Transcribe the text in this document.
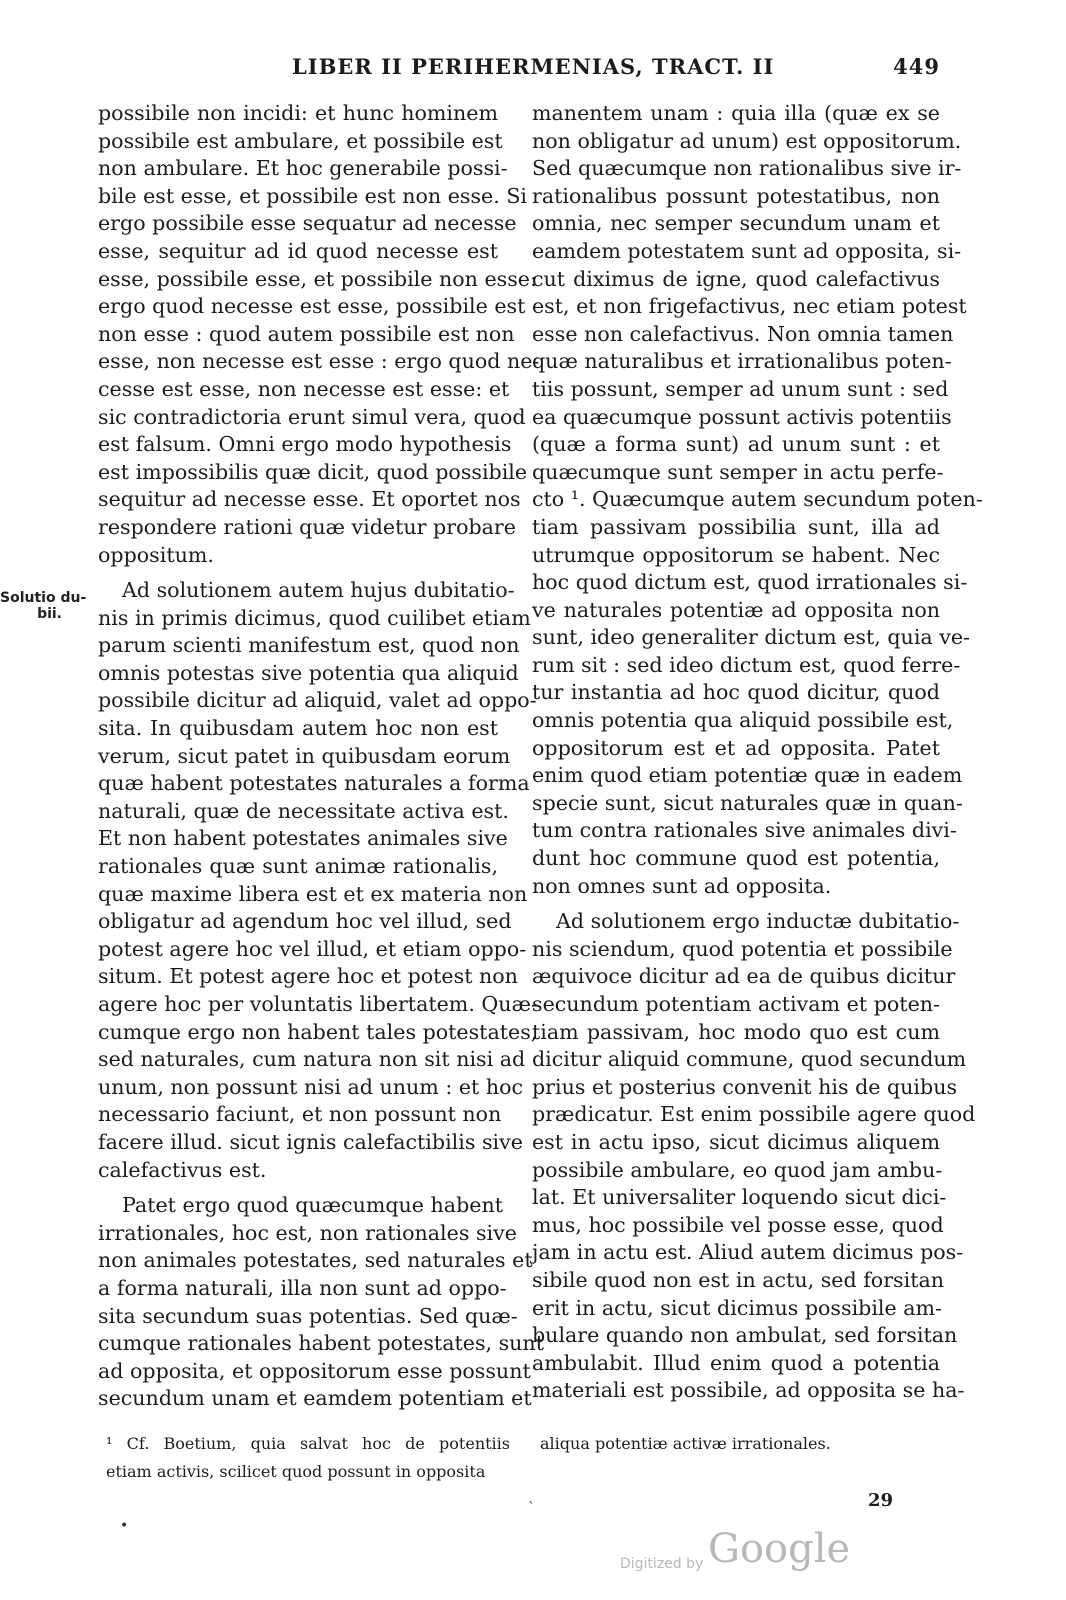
LIBER II PERIHERMENIAS, TRACT. II	449
Solutio du-
bii.
possibile non incidi: et hunc hominem
possibile est ambulare, et possibile est
non ambulare. Et hoc generabile possi-
bile est esse, et possibile est non esse. Si
ergo possibile esse sequatur ad necesse
esse, sequitur ad id quod necesse est
esse, possibile esse, et possibile non esse:
ergo quod necesse est esse, possibile est
non esse : quod autem possibile est non
esse, non necesse est esse : ergo quod ne-
cesse est esse, non necesse est esse: et
sic contradictoria erunt simul vera, quod
est falsum. Omni ergo modo hypothesis
est impossibilis quæ dicit, quod possibile
sequitur ad necesse esse. Et oportet nos
respondere rationi quæ videtur probare
oppositum.
Ad solutionem autem hujus dubitatio-
nis in primis dicimus, quod cuilibet etiam
parum scienti manifestum est, quod non
omnis potestas sive potentia qua aliquid
possibile dicitur ad aliquid, valet ad oppo-
sita. In quibusdam autem hoc non est
verum, sicut patet in quibusdam eorum
quæ habent potestates naturales a forma
naturali, quæ de necessitate activa est.
Et non habent potestates animales sive
rationales quæ sunt animæ rationalis,
quæ maxime libera est et ex materia non
obligatur ad agendum hoc vel illud, sed
potest agere hoc vel illud, et etiam oppo-
situm. Et potest agere hoc et potest non
agere hoc per voluntatis libertatem. Quæ-
cumque ergo non habent tales potestates,
sed naturales, cum natura non sit nisi ad
unum, non possunt nisi ad unum : et hoc
necessario faciunt, et non possunt non
facere illud. sicut ignis calefactibilis sive
calefactivus est.
Patet ergo quod quæcumque habent
irrationales, hoc est, non rationales sive
non animales potestates, sed naturales et
a forma naturali, illa non sunt ad oppo-
sita secundum suas potentias. Sed quæ-
cumque rationales habent potestates, sunt
ad opposita, et oppositorum esse possunt
secundum unam et eamdem potentiam et
manentem unam : quia illa (quæ ex se
non obligatur ad unum) est oppositorum.
Sed quæcumque non rationalibus sive ir-
rationalibus possunt potestatibus, non
omnia, nec semper secundum unam et
eamdem potestatem sunt ad opposita, si-
cut diximus de igne, quod calefactivus
est, et non frigefactivus, nec etiam potest
esse non calefactivus. Non omnia tamen
quæ naturalibus et irrationalibus poten-
tiis possunt, semper ad unum sunt : sed
ea quæcumque possunt activis potentiis
(quæ a forma sunt) ad unum sunt : et
quæcumque sunt semper in actu perfe-
cto ¹. Quæcumque autem secundum poten-
tiam passivam possibilia sunt, illa ad
utrumque oppositorum se habent. Nec
hoc quod dictum est, quod irrationales si-
ve naturales potentiæ ad opposita non
sunt, ideo generaliter dictum est, quia ve-
rum sit : sed ideo dictum est, quod ferre-
tur instantia ad hoc quod dicitur, quod
omnis potentia qua aliquid possibile est,
oppositorum est et ad opposita. Patet
enim quod etiam potentiæ quæ in eadem
specie sunt, sicut naturales quæ in quan-
tum contra rationales sive animales divi-
dunt hoc commune quod est potentia,
non omnes sunt ad opposita.
Ad solutionem ergo inductæ dubitatio-
nis sciendum, quod potentia et possibile
æquivoce dicitur ad ea de quibus dicitur
secundum potentiam activam et poten-
tiam passivam, hoc modo quo est cum
dicitur aliquid commune, quod secundum
prius et posterius convenit his de quibus
prædicatur. Est enim possibile agere quod
est in actu ipso, sicut dicimus aliquem
possibile ambulare, eo quod jam ambu-
lat. Et universaliter loquendo sicut dici-
mus, hoc possibile vel posse esse, quod
jam in actu est. Aliud autem dicimus pos-
sibile quod non est in actu, sed forsitan
erit in actu, sicut dicimus possibile am-
bulare quando non ambulat, sed forsitan
ambulabit. Illud enim quod a potentia
materiali est possibile, ad opposita se ha-
¹ Cf. Boetium, quia salvat hoc de potentiis
etiam activis, scilicet quod possunt in opposita
aliqua potentiæ activæ irrationales.
29
Digitized by Google
•
`
